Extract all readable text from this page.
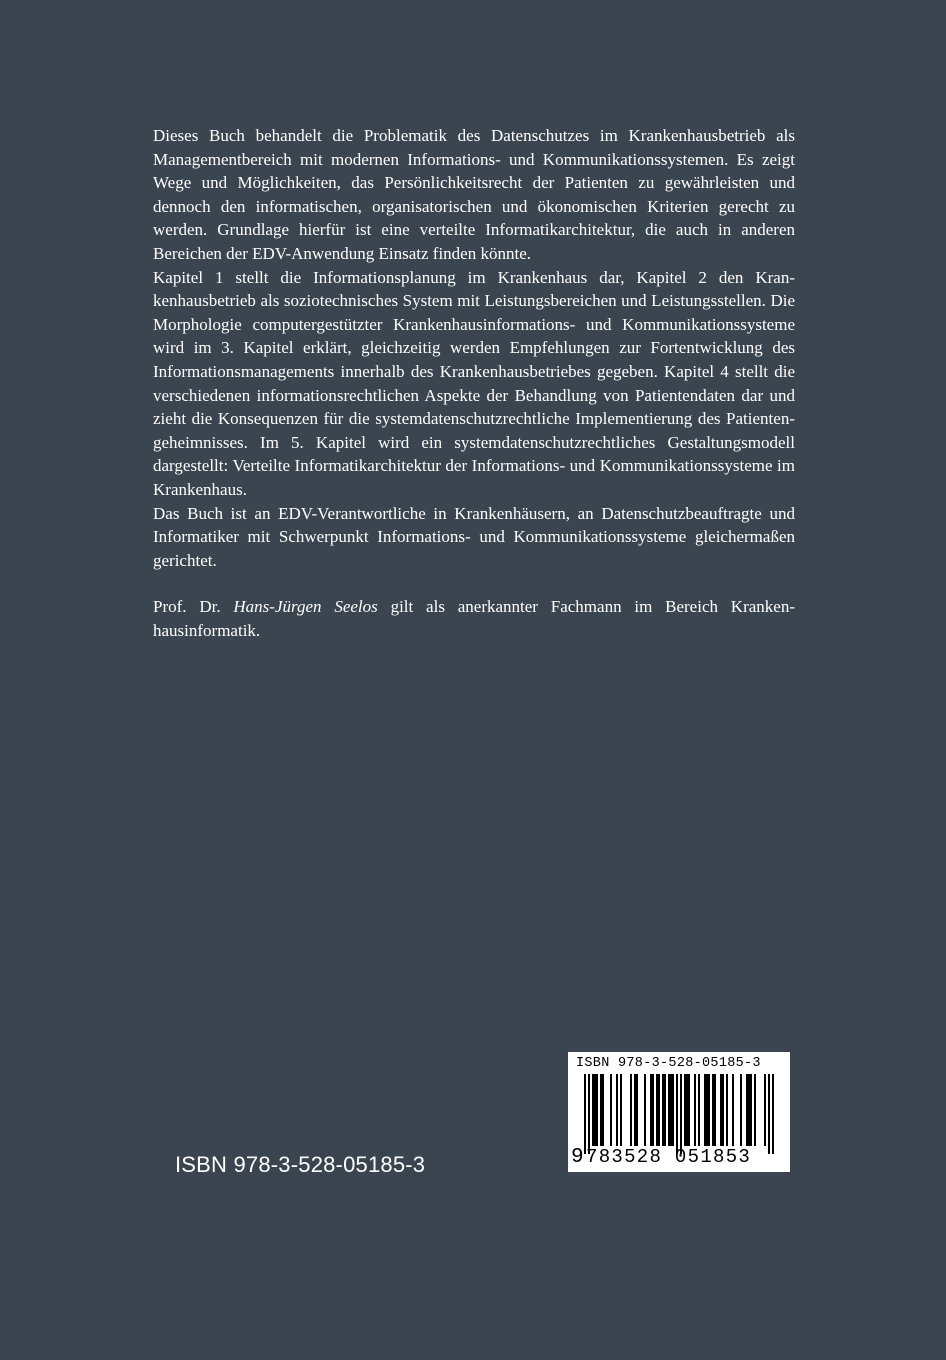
Dieses Buch behandelt die Problematik des Datenschutzes im Krankenhausbetrieb als Managementbereich mit modernen Informations- und Kommunikationssystemen. Es zeigt Wege und Möglichkeiten, das Persönlichkeitsrecht der Patienten zu gewährleisten und dennoch den informatischen, organisatorischen und ökonomischen Kriterien gerecht zu werden. Grundlage hierfür ist eine verteilte Informatikarchitektur, die auch in anderen Bereichen der EDV-Anwendung Einsatz finden könnte.

Kapitel 1 stellt die Informationsplanung im Krankenhaus dar, Kapitel 2 den Krankenhausbetrieb als soziotechnisches System mit Leistungsbereichen und Leistungsstellen. Die Morphologie computergestützter Krankenhausinformations- und Kommunikationssysteme wird im 3. Kapitel erklärt, gleichzeitig werden Empfehlungen zur Fortentwicklung des Informationsmanagements innerhalb des Krankenhausbetriebes gegeben. Kapitel 4 stellt die verschiedenen informationsrechtlichen Aspekte der Behandlung von Patientendaten dar und zieht die Konsequenzen für die systemdatenschutzrechtliche Implementierung des Patientengeheimnisses. Im 5. Kapitel wird ein systemdatenschutzrechtliches Gestaltungsmodell dargestellt: Verteilte Informatikarchitektur der Informations- und Kommunikationssysteme im Krankenhaus.

Das Buch ist an EDV-Verantwortliche in Krankenhäusern, an Datenschutzbeauftragte und Informatiker mit Schwerpunkt Informations- und Kommunikationssysteme gleichermaßen gerichtet.

Prof. Dr. Hans-Jürgen Seelos gilt als anerkannter Fachmann im Bereich Krankenhausinformatik.

ISBN 978-3-528-05185-3
ISBN 978-3-528-05185-3
9 783528 051853
